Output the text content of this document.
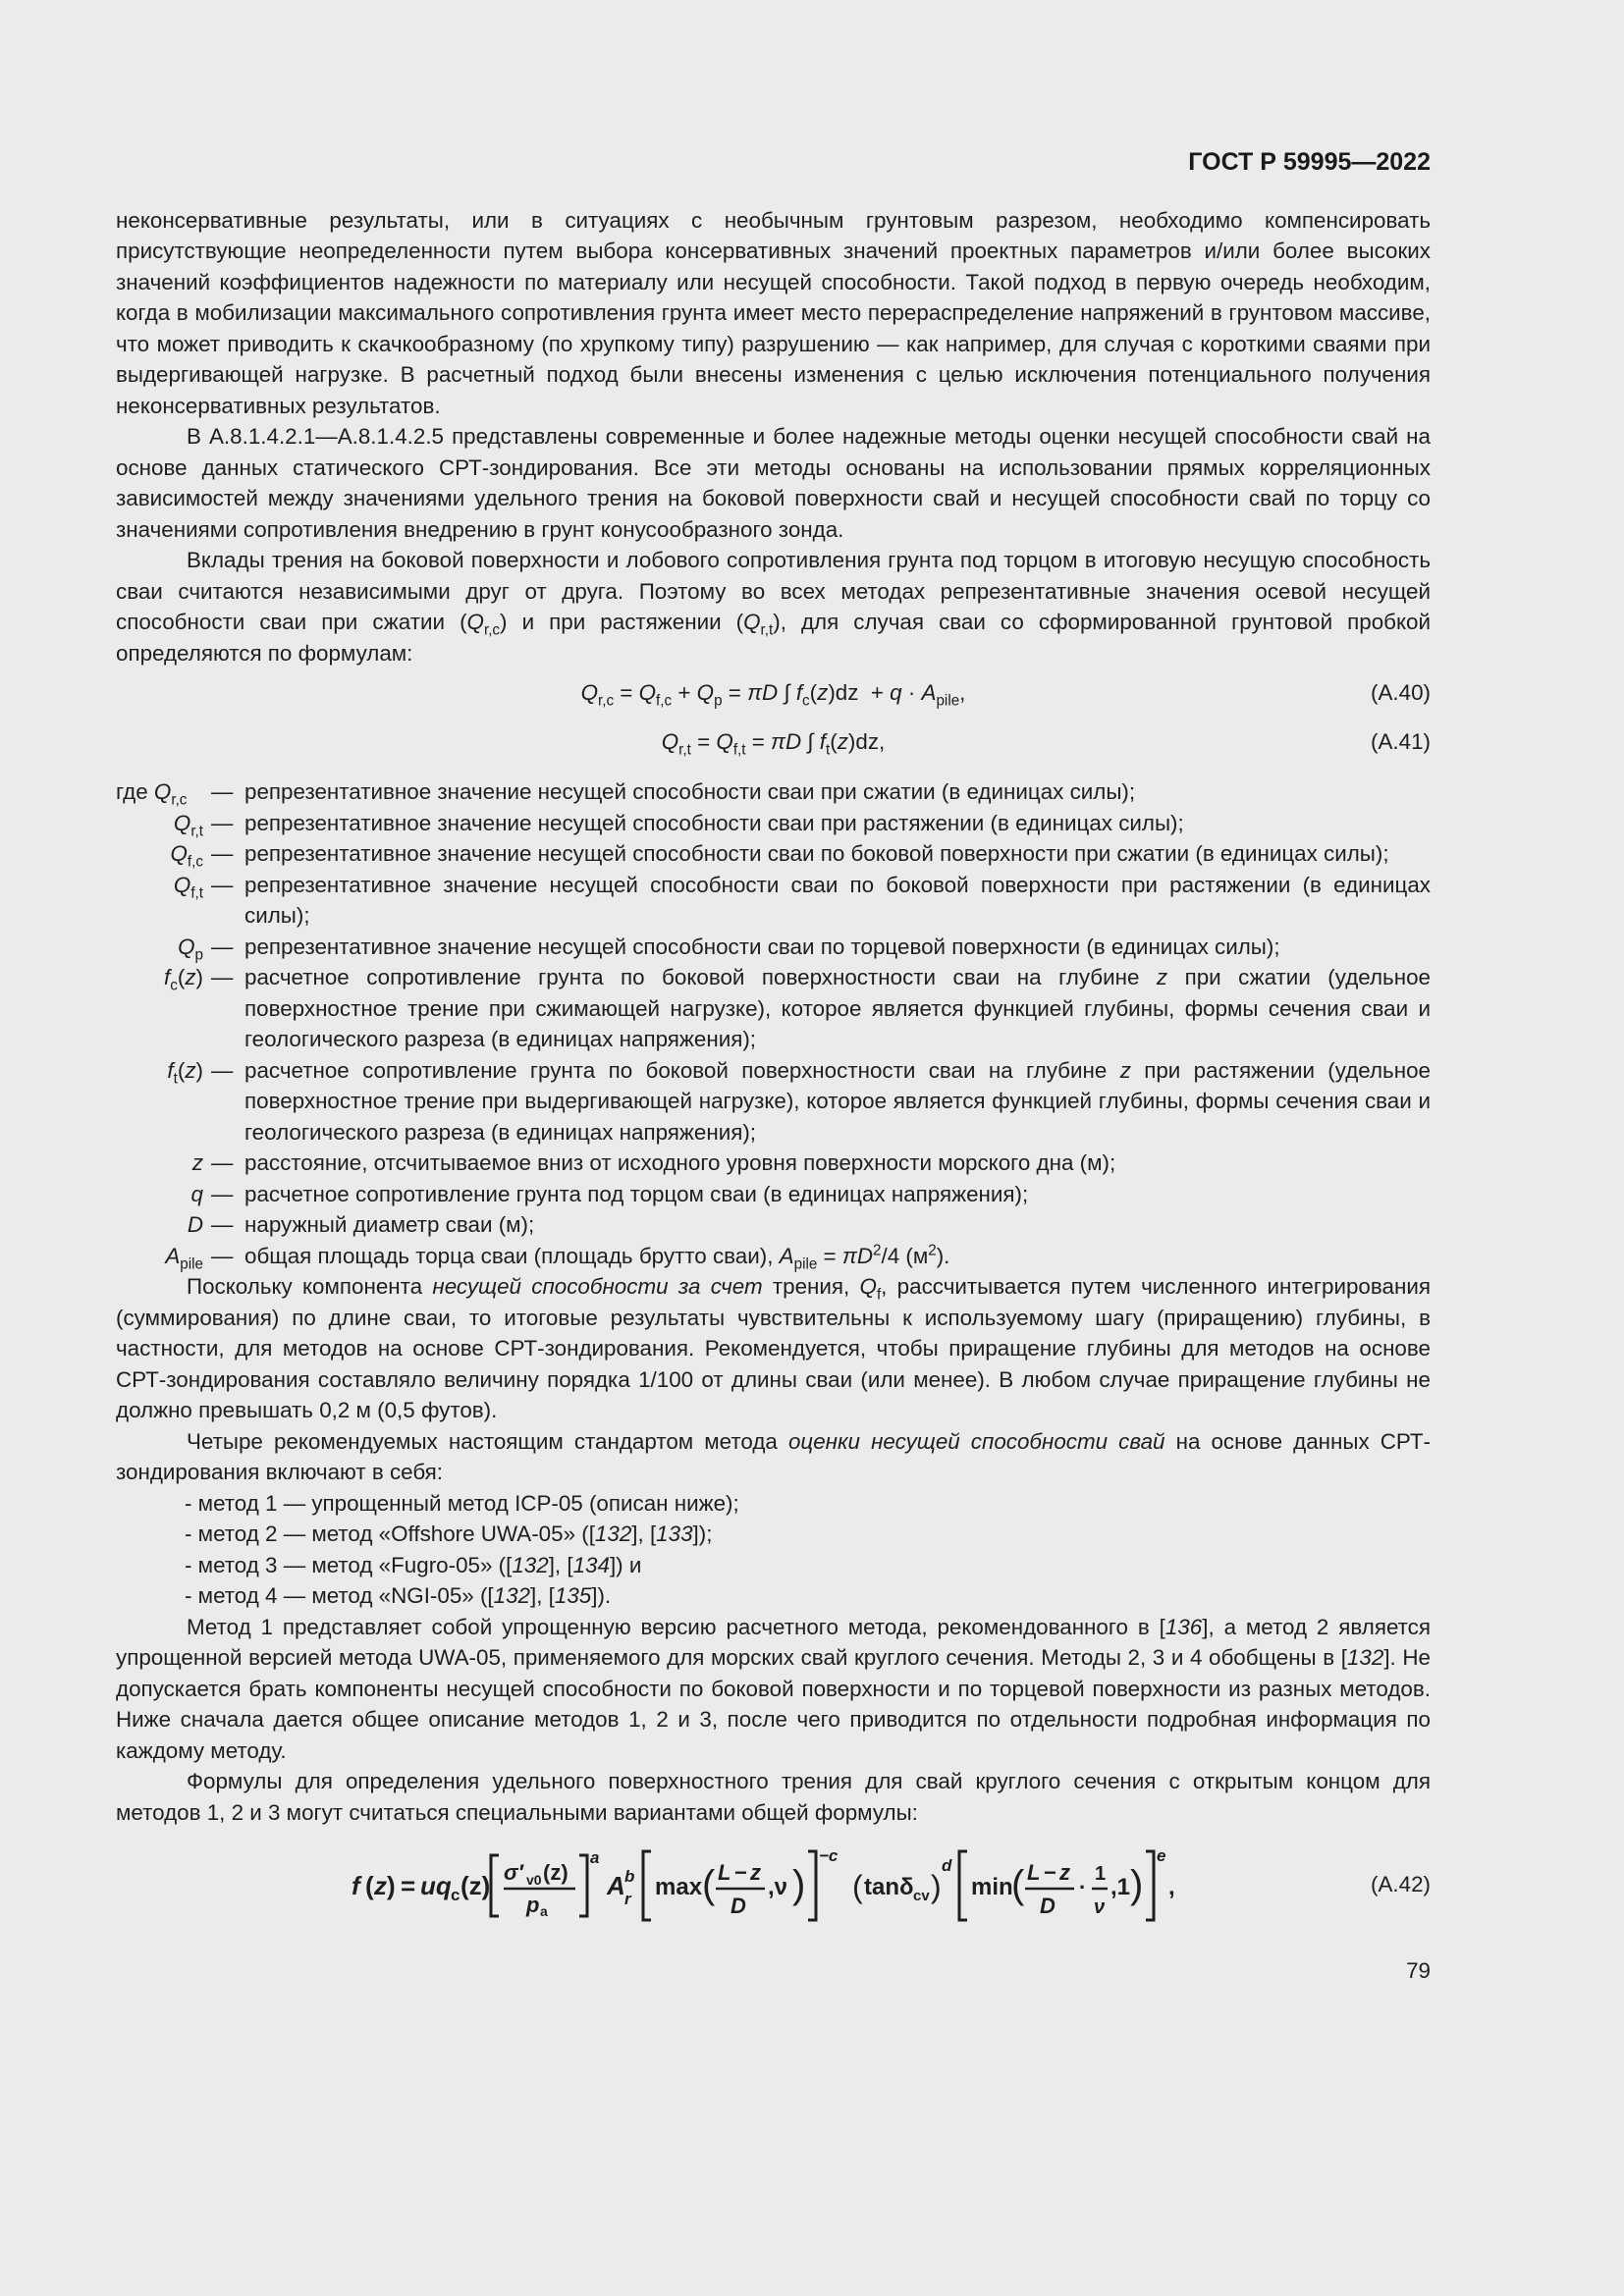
ГОСТ Р 59995—2022

неконсервативные результаты, или в ситуациях с необычным грунтовым разрезом, необходимо компенсировать присутствующие неопределенности путем выбора консервативных значений проектных параметров и/или более высоких значений коэффициентов надежности по материалу или несущей способности. Такой подход в первую очередь необходим, когда в мобилизации максимального сопротивления грунта имеет место перераспределение напряжений в грунтовом массиве, что может приводить к скачкообразному (по хрупкому типу) разрушению — как например, для случая с короткими сваями при выдергивающей нагрузке. В расчетный подход были внесены изменения с целью исключения потенциального получения неконсервативных результатов.

В А.8.1.4.2.1—А.8.1.4.2.5 представлены современные и более надежные методы оценки несущей способности свай на основе данных статического СРТ-зондирования. Все эти методы основаны на использовании прямых корреляционных зависимостей между значениями удельного трения на боковой поверхности свай и несущей способности свай по торцу со значениями сопротивления внедрению в грунт конусообразного зонда.

Вклады трения на боковой поверхности и лобового сопротивления грунта под торцом в итоговую несущую способность сваи считаются независимыми друг от друга. Поэтому во всех методах репрезентативные значения осевой несущей способности сваи при сжатии $(Q_{r,c})$ и при растяжении $(Q_{r,t})$, для случая сваи со сформированной грунтовой пробкой определяются по формулам:

$Q_{r,c} = Q_{f,c} + Q_p = \pi D$ ∫ $f_c(z)dz + q \cdot A_{pile}$,	(А.40)
$Q_{r,t} = Q_{f,t} = \pi D$ ∫ $f_t(z)dz$,	(А.41)
где $Q_{r,c}$	— репрезентативное значение несущей способности сваи при сжатии (в единицах силы);
$Q_{r,t}$ — репрезентативное значение несущей способности сваи при растяжении (в единицах силы);
$Q_{f,c}$ — репрезентативное значение несущей способности сваи по боковой поверхности при сжатии (в единицах силы);
$Q_{f,t}$ — репрезентативное значение несущей способности сваи по боковой поверхности при растяжении (в единицах силы);
$Q_p$ — репрезентативное значение несущей способности сваи по торцевой поверхности (в единицах силы);
$f_c(z)$ — расчетное сопротивление грунта по боковой поверхностности сваи на глубине z при сжатии (удельное поверхностное трение при сжимающей нагрузке), которое является функцией глубины, формы сечения сваи и геологического разреза (в единицах напряжения);
$f_t(z)$ — расчетное сопротивление грунта по боковой поверхностности сваи на глубине z при растяжении (удельное поверхностное трение при выдергивающей нагрузке), которое является функцией глубины, формы сечения сваи и геологического разреза (в единицах напряжения);
z — расстояние, отсчитываемое вниз от исходного уровня поверхности морского дна (м);
q — расчетное сопротивление грунта под торцом сваи (в единицах напряжения);
D — наружный диаметр сваи (м);
$A_{pile}$ — общая площадь торца сваи (площадь брутто сваи), $A_{pile} = \pi D^2/4$ $(м^2)$.

Поскольку компонента несущей способности за счет трения, $Q_f$, рассчитывается путем численного интегрирования (суммирования) по длине сваи, то итоговые результаты чувствительны к используемому шагу (приращению) глубины, в частности, для методов на основе СРТ-зондирования. Рекомендуется, чтобы приращение глубины для методов на основе СРТ-зондирования составляло величину порядка 1/100 от длины сваи (или менее). В любом случае приращение глубины не должно превышать 0,2 м (0,5 футов).

Четыре рекомендуемых настоящим стандартом метода оценки несущей способности свай на основе данных СРТ-зондирования включают в себя:

- метод 1 — упрощенный метод ICP-05 (описан ниже);
- метод 2 — метод «Offshore UWA-05» ([132], [133]);
- метод 3 — метод «Fugro-05» ([132], [134]) и
- метод 4 — метод «NGI-05» ([132], [135]).

Метод 1 представляет собой упрощенную версию расчетного метода, рекомендованного в [136], а метод 2 является упрощенной версией метода UWA-05, применяемого для морских свай круглого сечения. Методы 2, 3 и 4 обобщены в [132]. Не допускается брать компоненты несущей способности по боковой поверхности и по торцевой поверхности из разных методов. Ниже сначала дается общее описание методов 1, 2 и 3, после чего приводится по отдельности подробная информация по каждому методу.

Формулы для определения удельного поверхностного трения для свай круглого сечения с открытым концом для методов 1, 2 и 3 могут считаться специальными вариантами общей формулы:

f ( z ) = uq c (z) σ′ v0 (z)
p a
a
A b
r max ( L − z
D
,ν )
−c
( tanδ cv )
d
min
( L − z
D
·
1
ν
,1 )
e
,	(А.42)
79
